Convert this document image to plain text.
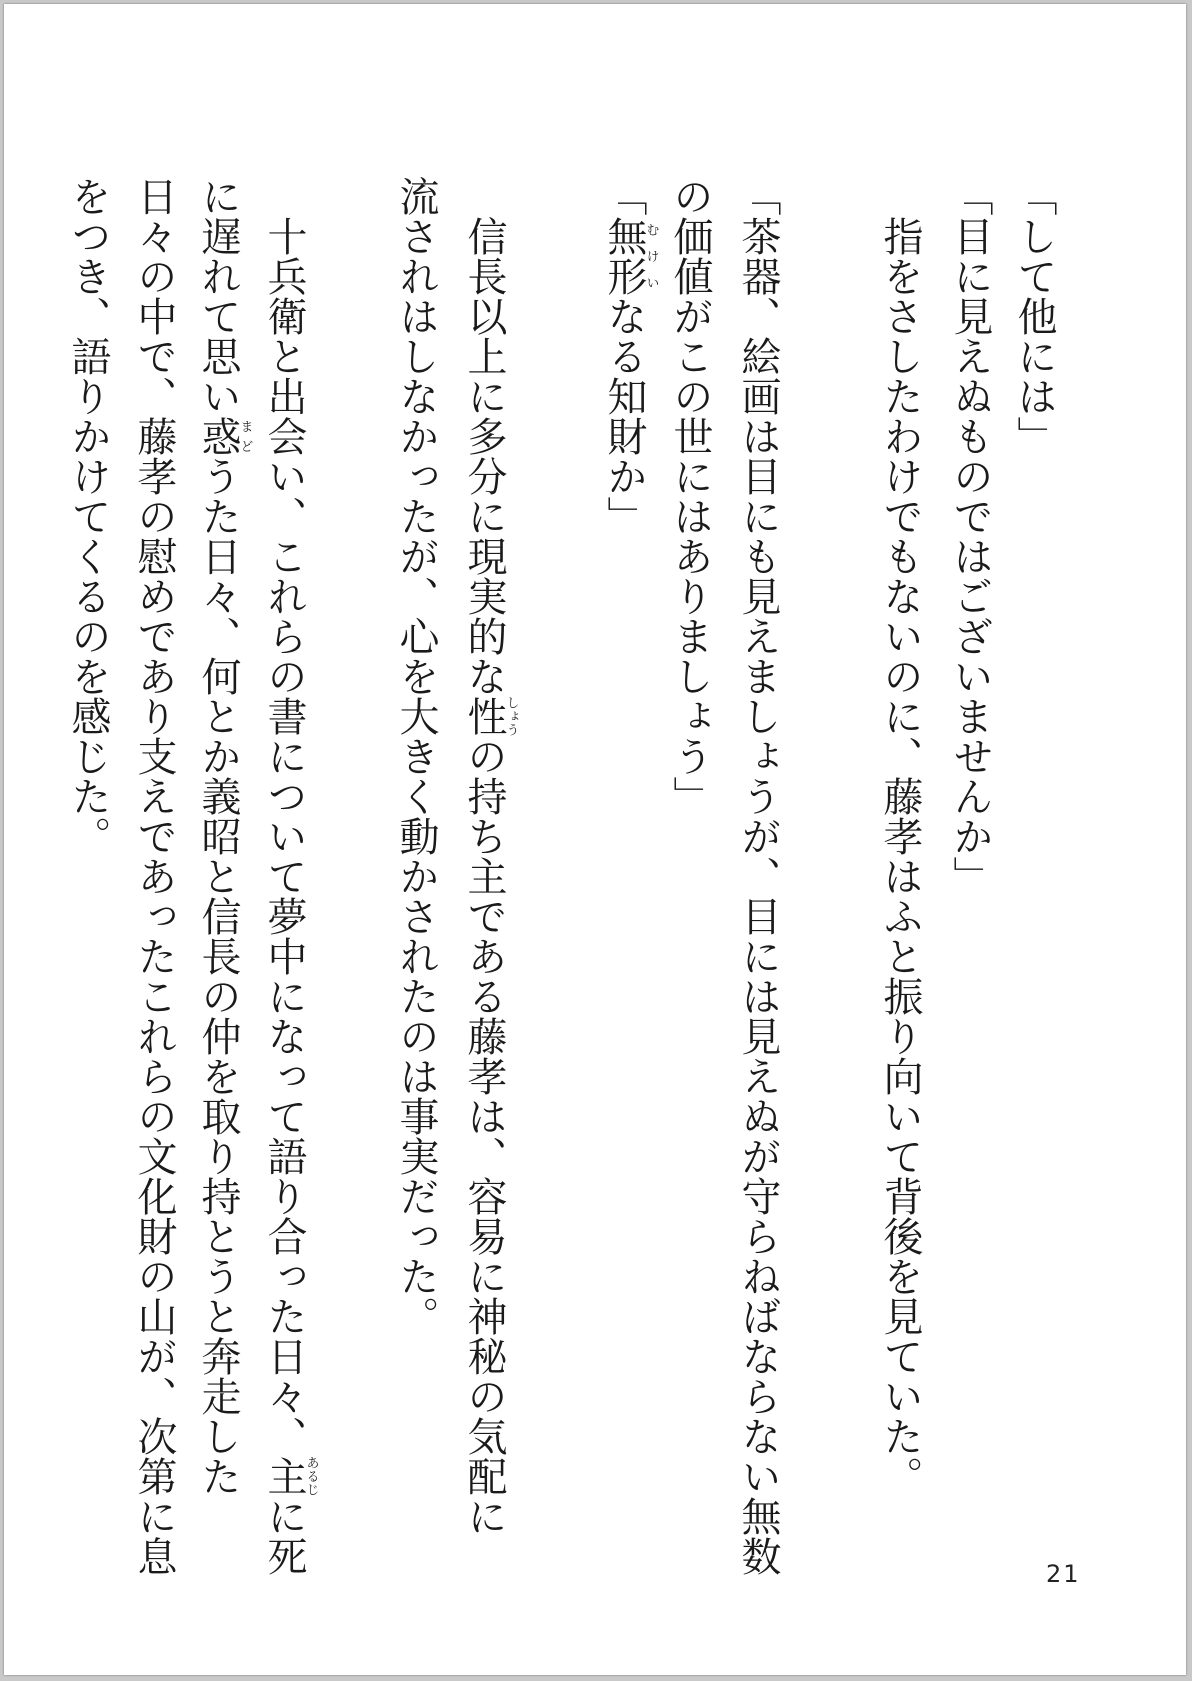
「して他には」
「目に見えぬものではございませんか」
　指をさしたわけでもないのに、藤孝はふと振り向いて背後を見ていた。
「茶器、絵画は目にも見えましょうが、目には見えぬが守らねばならない無数
の価値がこの世にはありましょう」
「無形むけいなる知財か」
　信長以上に多分に現実的な性しょうの持ち主である藤孝は、容易に神秘の気配に
流されはしなかったが、心を大きく動かされたのは事実だった。
　十兵衛と出会い、これらの書について夢中になって語り合った日々、主あるじに死
に遅れて思い惑まどうた日々、何とか義昭と信長の仲を取り持とうと奔走した
日々の中で、藤孝の慰めであり支えであったこれらの文化財の山が、次第に息
をつき、語りかけてくるのを感じた。
21
